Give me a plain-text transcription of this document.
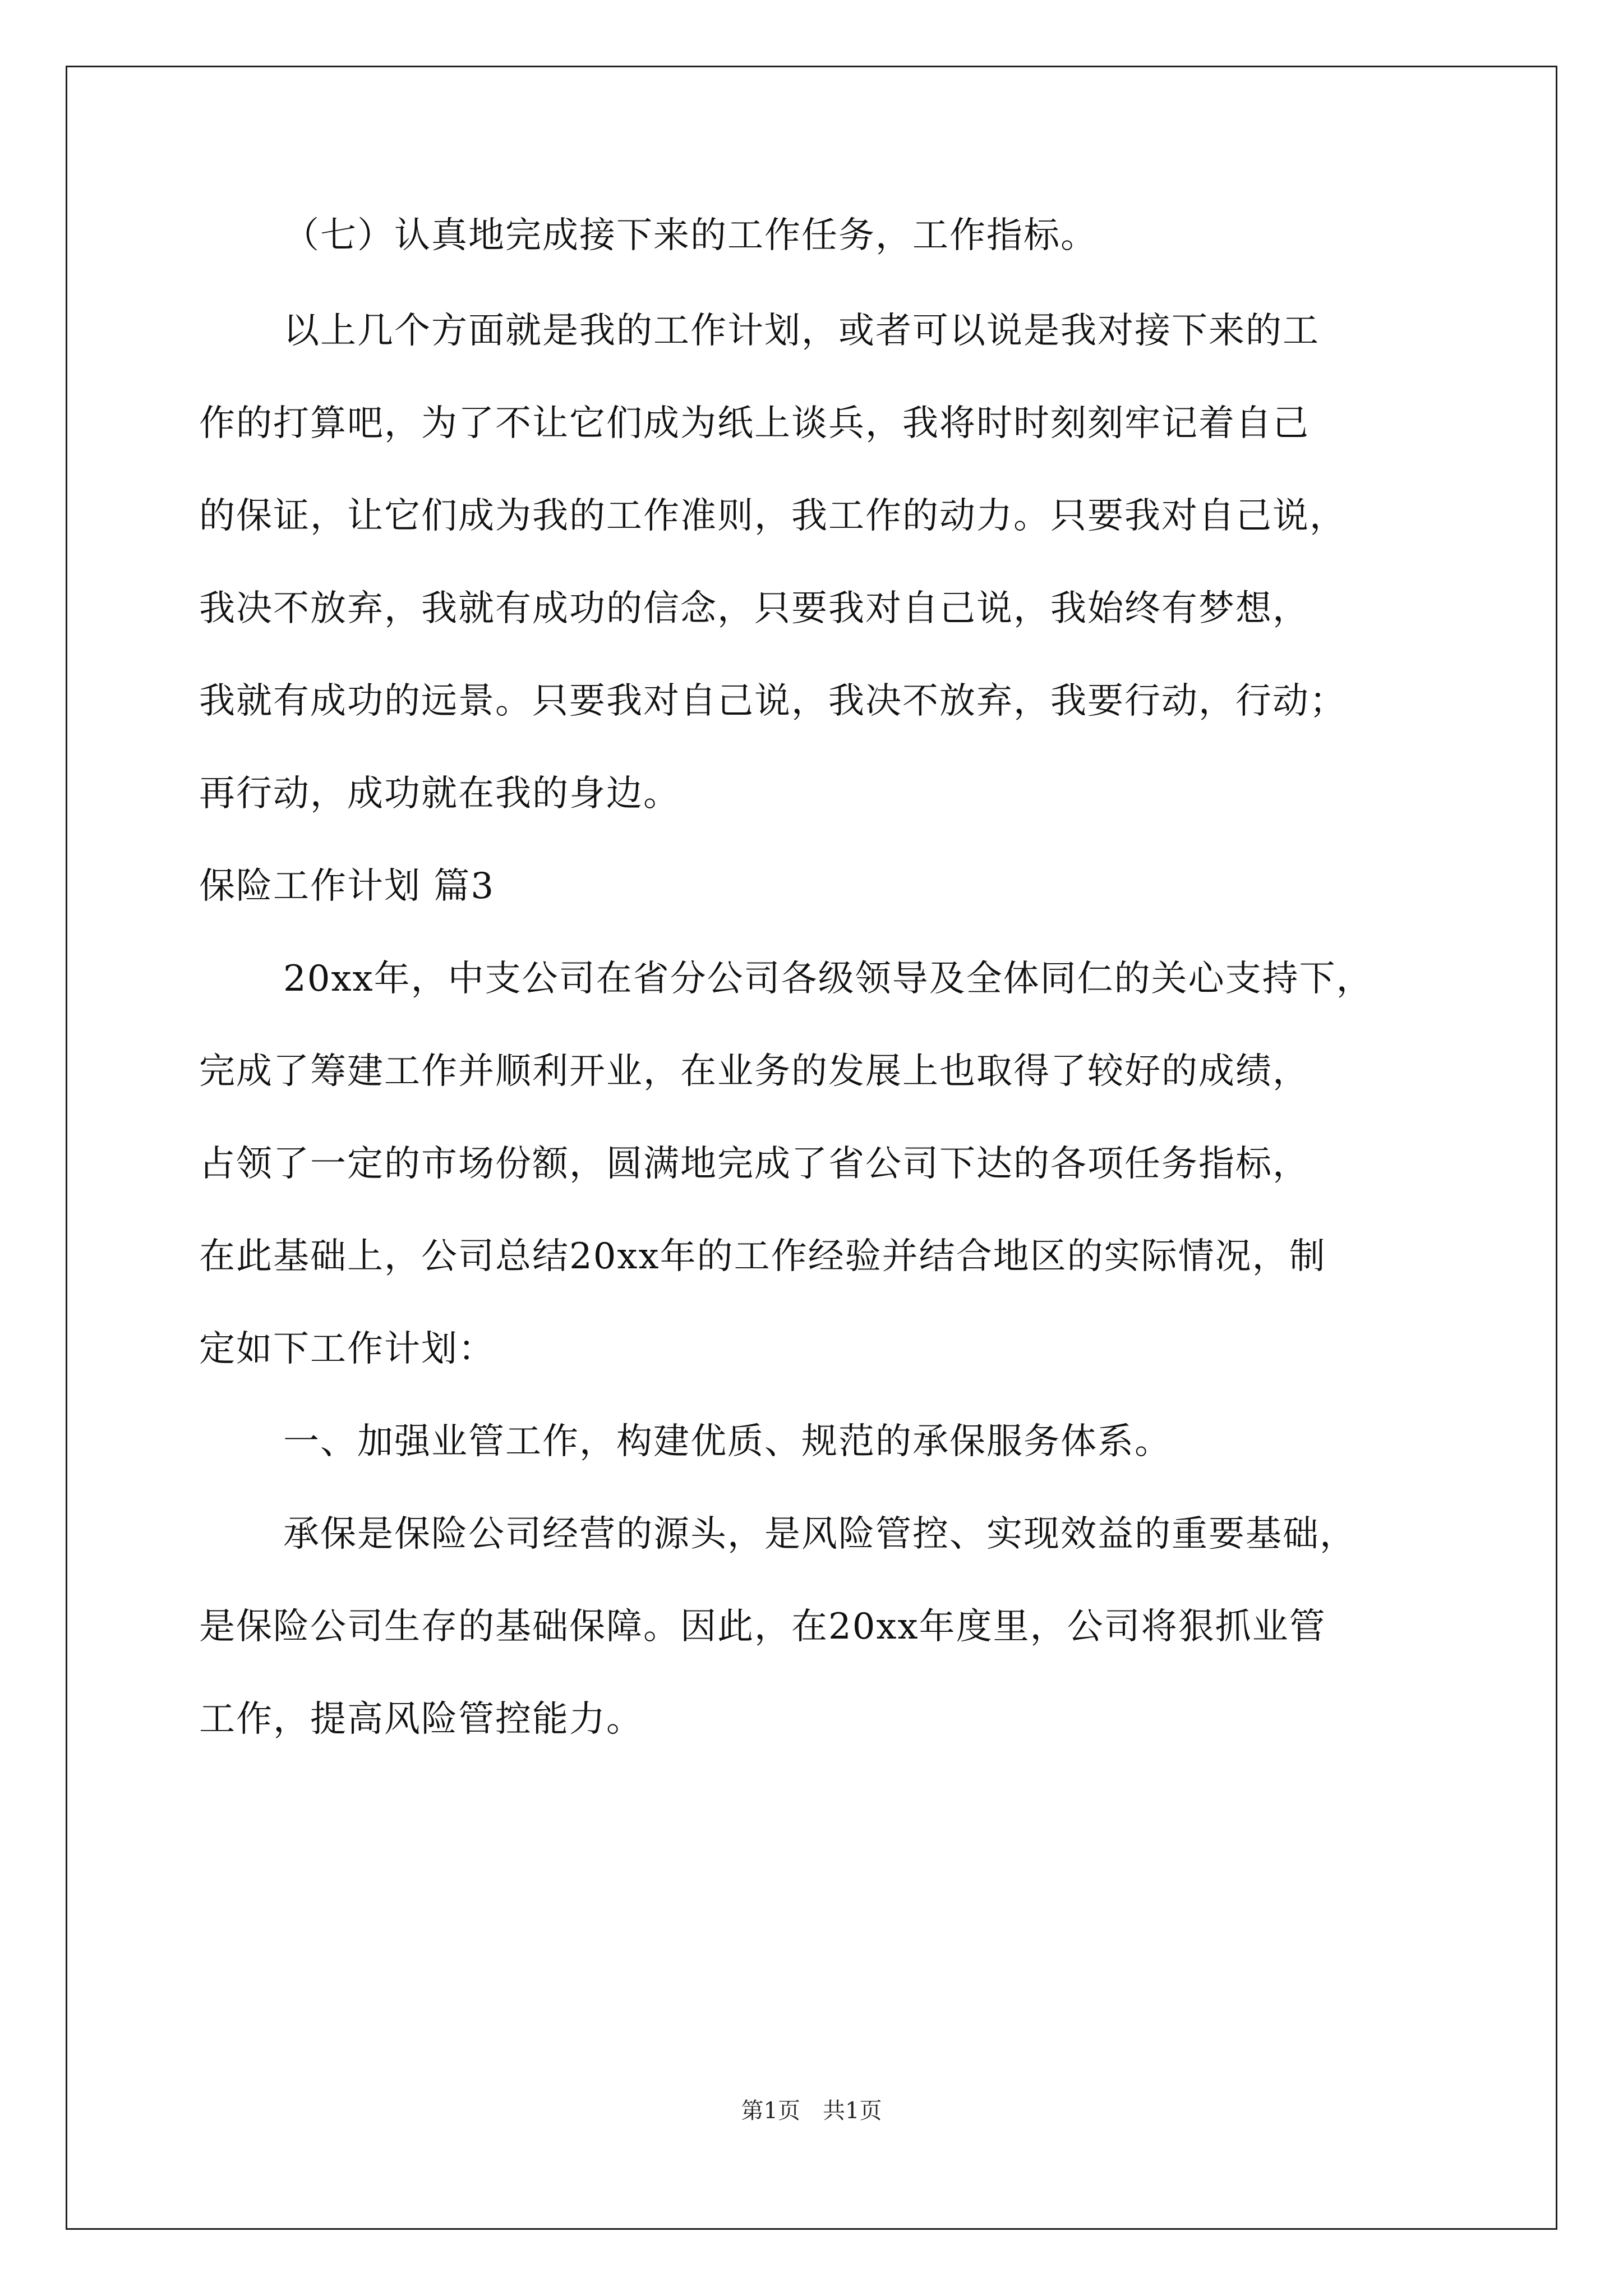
（七）认真地完成接下来的工作任务，工作指标。
以上几个方面就是我的工作计划，或者可以说是我对接下来的工
作的打算吧，为了不让它们成为纸上谈兵，我将时时刻刻牢记着自己
的保证，让它们成为我的工作准则，我工作的动力。只要我对自己说，
我决不放弃，我就有成功的信念，只要我对自己说，我始终有梦想，
我就有成功的远景。只要我对自己说，我决不放弃，我要行动，行动；
再行动，成功就在我的身边。
保险工作计划 篇3
20xx年，中支公司在省分公司各级领导及全体同仁的关心支持下，
完成了筹建工作并顺利开业，在业务的发展上也取得了较好的成绩，
占领了一定的市场份额，圆满地完成了省公司下达的各项任务指标，
在此基础上，公司总结20xx年的工作经验并结合地区的实际情况，制
定如下工作计划：
一、加强业管工作，构建优质、规范的承保服务体系。
承保是保险公司经营的源头，是风险管控、实现效益的重要基础，
是保险公司生存的基础保障。因此，在20xx年度里，公司将狠抓业管
工作，提高风险管控能力。
第1页　共1页
